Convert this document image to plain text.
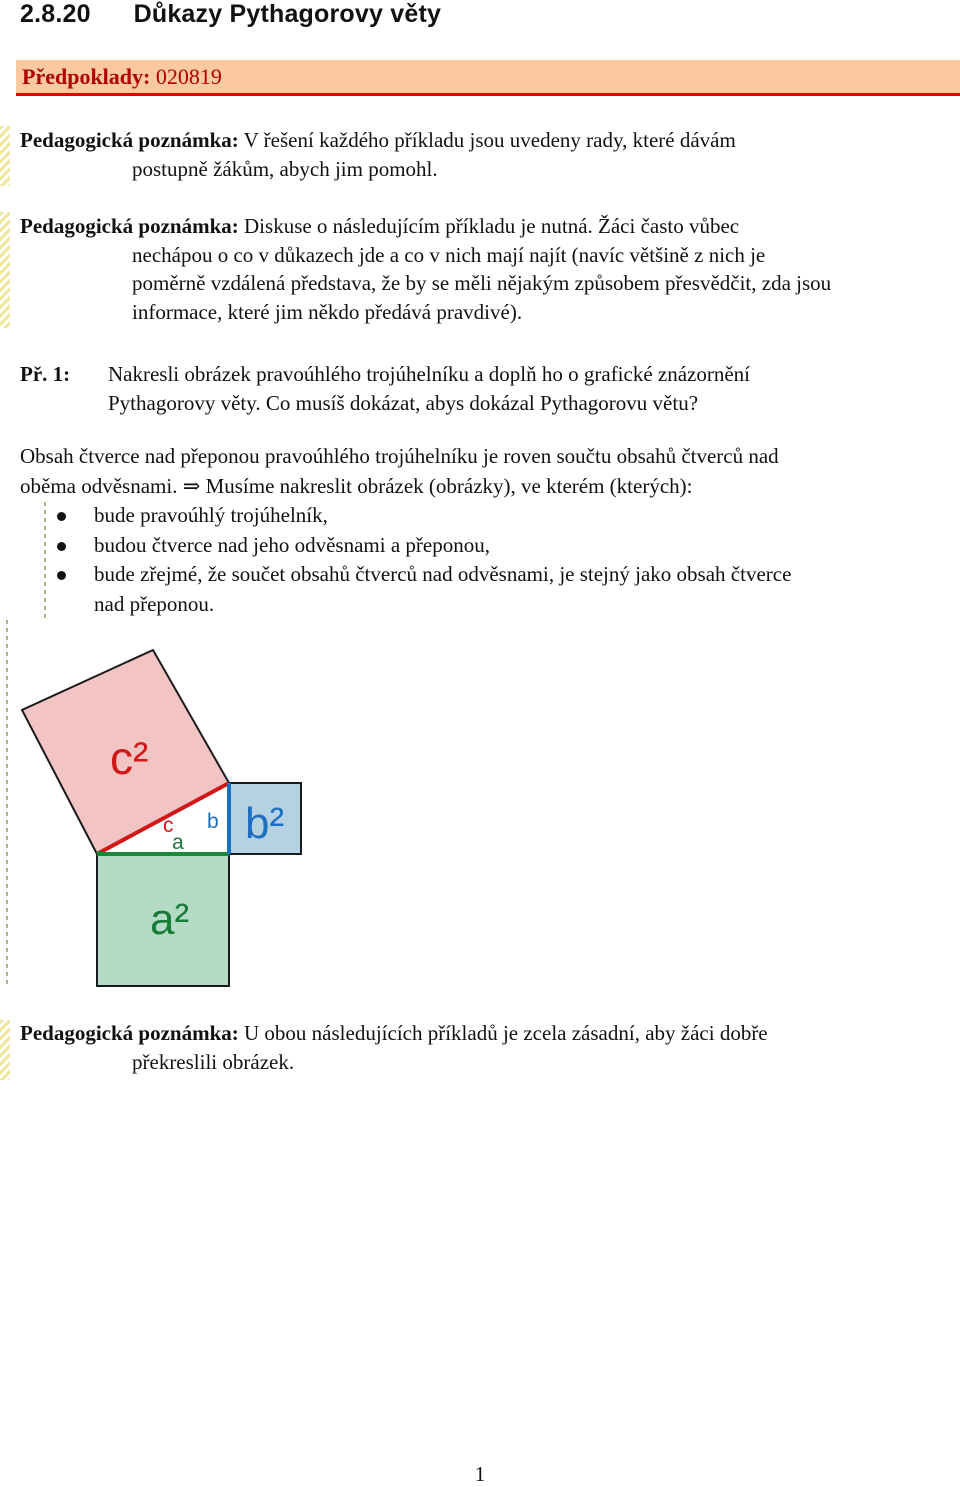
2.8.20 Důkazy Pythagorovy věty
Předpoklady: 020819
Pedagogická poznámka: V řešení každého příkladu jsou uvedeny rady, které dávám
postupně žákům, abych jim pomohl.
Pedagogická poznámka: Diskuse o následujícím příkladu je nutná. Žáci často vůbec
nechápou o co v důkazech jde a co v nich mají najít (navíc většině z nich je
poměrně vzdálená představa, že by se měli nějakým způsobem přesvědčit, zda jsou
informace, které jim někdo předává pravdivé).
Př. 1: Nakresli obrázek pravoúhlého trojúhelníku a doplň ho o grafické znázornění
Pythagorovy věty. Co musíš dokázat, abys dokázal Pythagorovu větu?
Obsah čtverce nad přeponou pravoúhlého trojúhelníku je roven součtu obsahů čtverců nad
oběma odvěsnami. ⇒ Musíme nakreslit obrázek (obrázky), ve kterém (kterých):
bude pravoúhlý trojúhelník,
budou čtverce nad jeho odvěsnami a přeponou,
bude zřejmé, že součet obsahů čtverců nad odvěsnami, je stejný jako obsah čtverce
nad přeponou.
c²
b²
a²
c
a
b
Pedagogická poznámka: U obou následujících příkladů je zcela zásadní, aby žáci dobře
překreslili obrázek.
1
